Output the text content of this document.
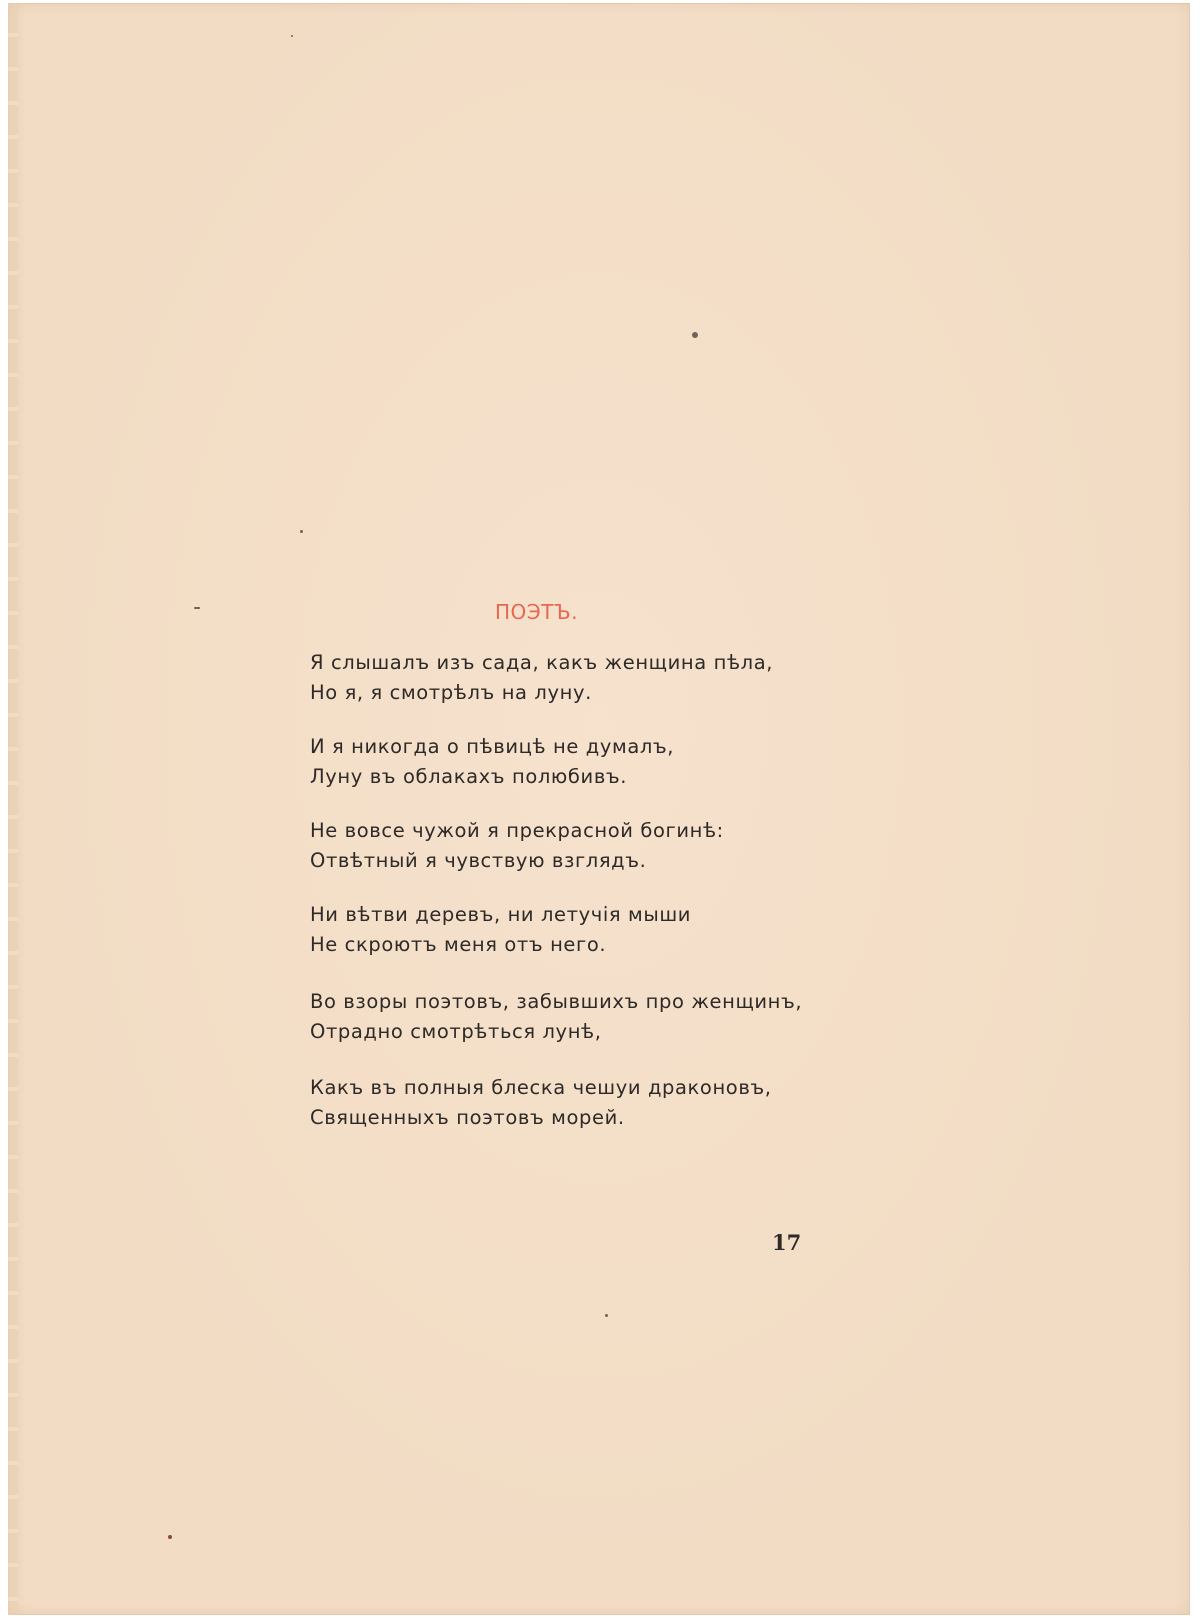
ПОЭТЪ.
Я слышалъ изъ сада, какъ женщина пѣла,
Но я, я смотрѣлъ на луну.
И я никогда о пѣвицѣ не думалъ,
Луну въ облакахъ полюбивъ.
Не вовсе чужой я прекрасной богинѣ:
Отвѣтный я чувствую взглядъ.
Ни вѣтви деревъ, ни летучія мыши
Не скроютъ меня отъ него.
Во взоры поэтовъ, забывшихъ про женщинъ,
Отрадно смотрѣться лунѣ,
Какъ въ полныя блеска чешуи драконовъ,
Священныхъ поэтовъ морей.
17
